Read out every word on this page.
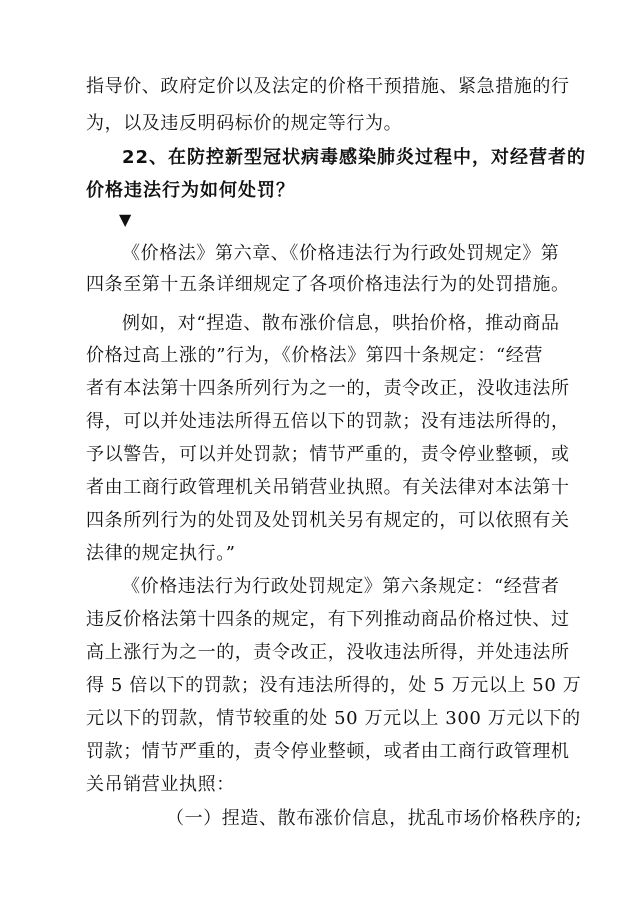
指导价、政府定价以及法定的价格干预措施、紧急措施的行
为，以及违反明码标价的规定等行为。
22、在防控新型冠状病毒感染肺炎过程中，对经营者的
价格违法行为如何处罚？
▼
《价格法》第六章、《价格违法行为行政处罚规定》第
四条至第十五条详细规定了各项价格违法行为的处罚措施。
例如，对“捏造、散布涨价信息，哄抬价格，推动商品
价格过高上涨的”行为，《价格法》第四十条规定：“经营
者有本法第十四条所列行为之一的，责令改正，没收违法所
得，可以并处违法所得五倍以下的罚款；没有违法所得的，
予以警告，可以并处罚款；情节严重的，责令停业整顿，或
者由工商行政管理机关吊销营业执照。有关法律对本法第十
四条所列行为的处罚及处罚机关另有规定的，可以依照有关
法律的规定执行。”
《价格违法行为行政处罚规定》第六条规定：“经营者
违反价格法第十四条的规定，有下列推动商品价格过快、过
高上涨行为之一的，责令改正，没收违法所得，并处违法所
得 5 倍以下的罚款；没有违法所得的，处 5 万元以上 50 万
元以下的罚款，情节较重的处 50 万元以上 300 万元以下的
罚款；情节严重的，责令停业整顿，或者由工商行政管理机
关吊销营业执照：
（一）捏造、散布涨价信息，扰乱市场价格秩序的;
